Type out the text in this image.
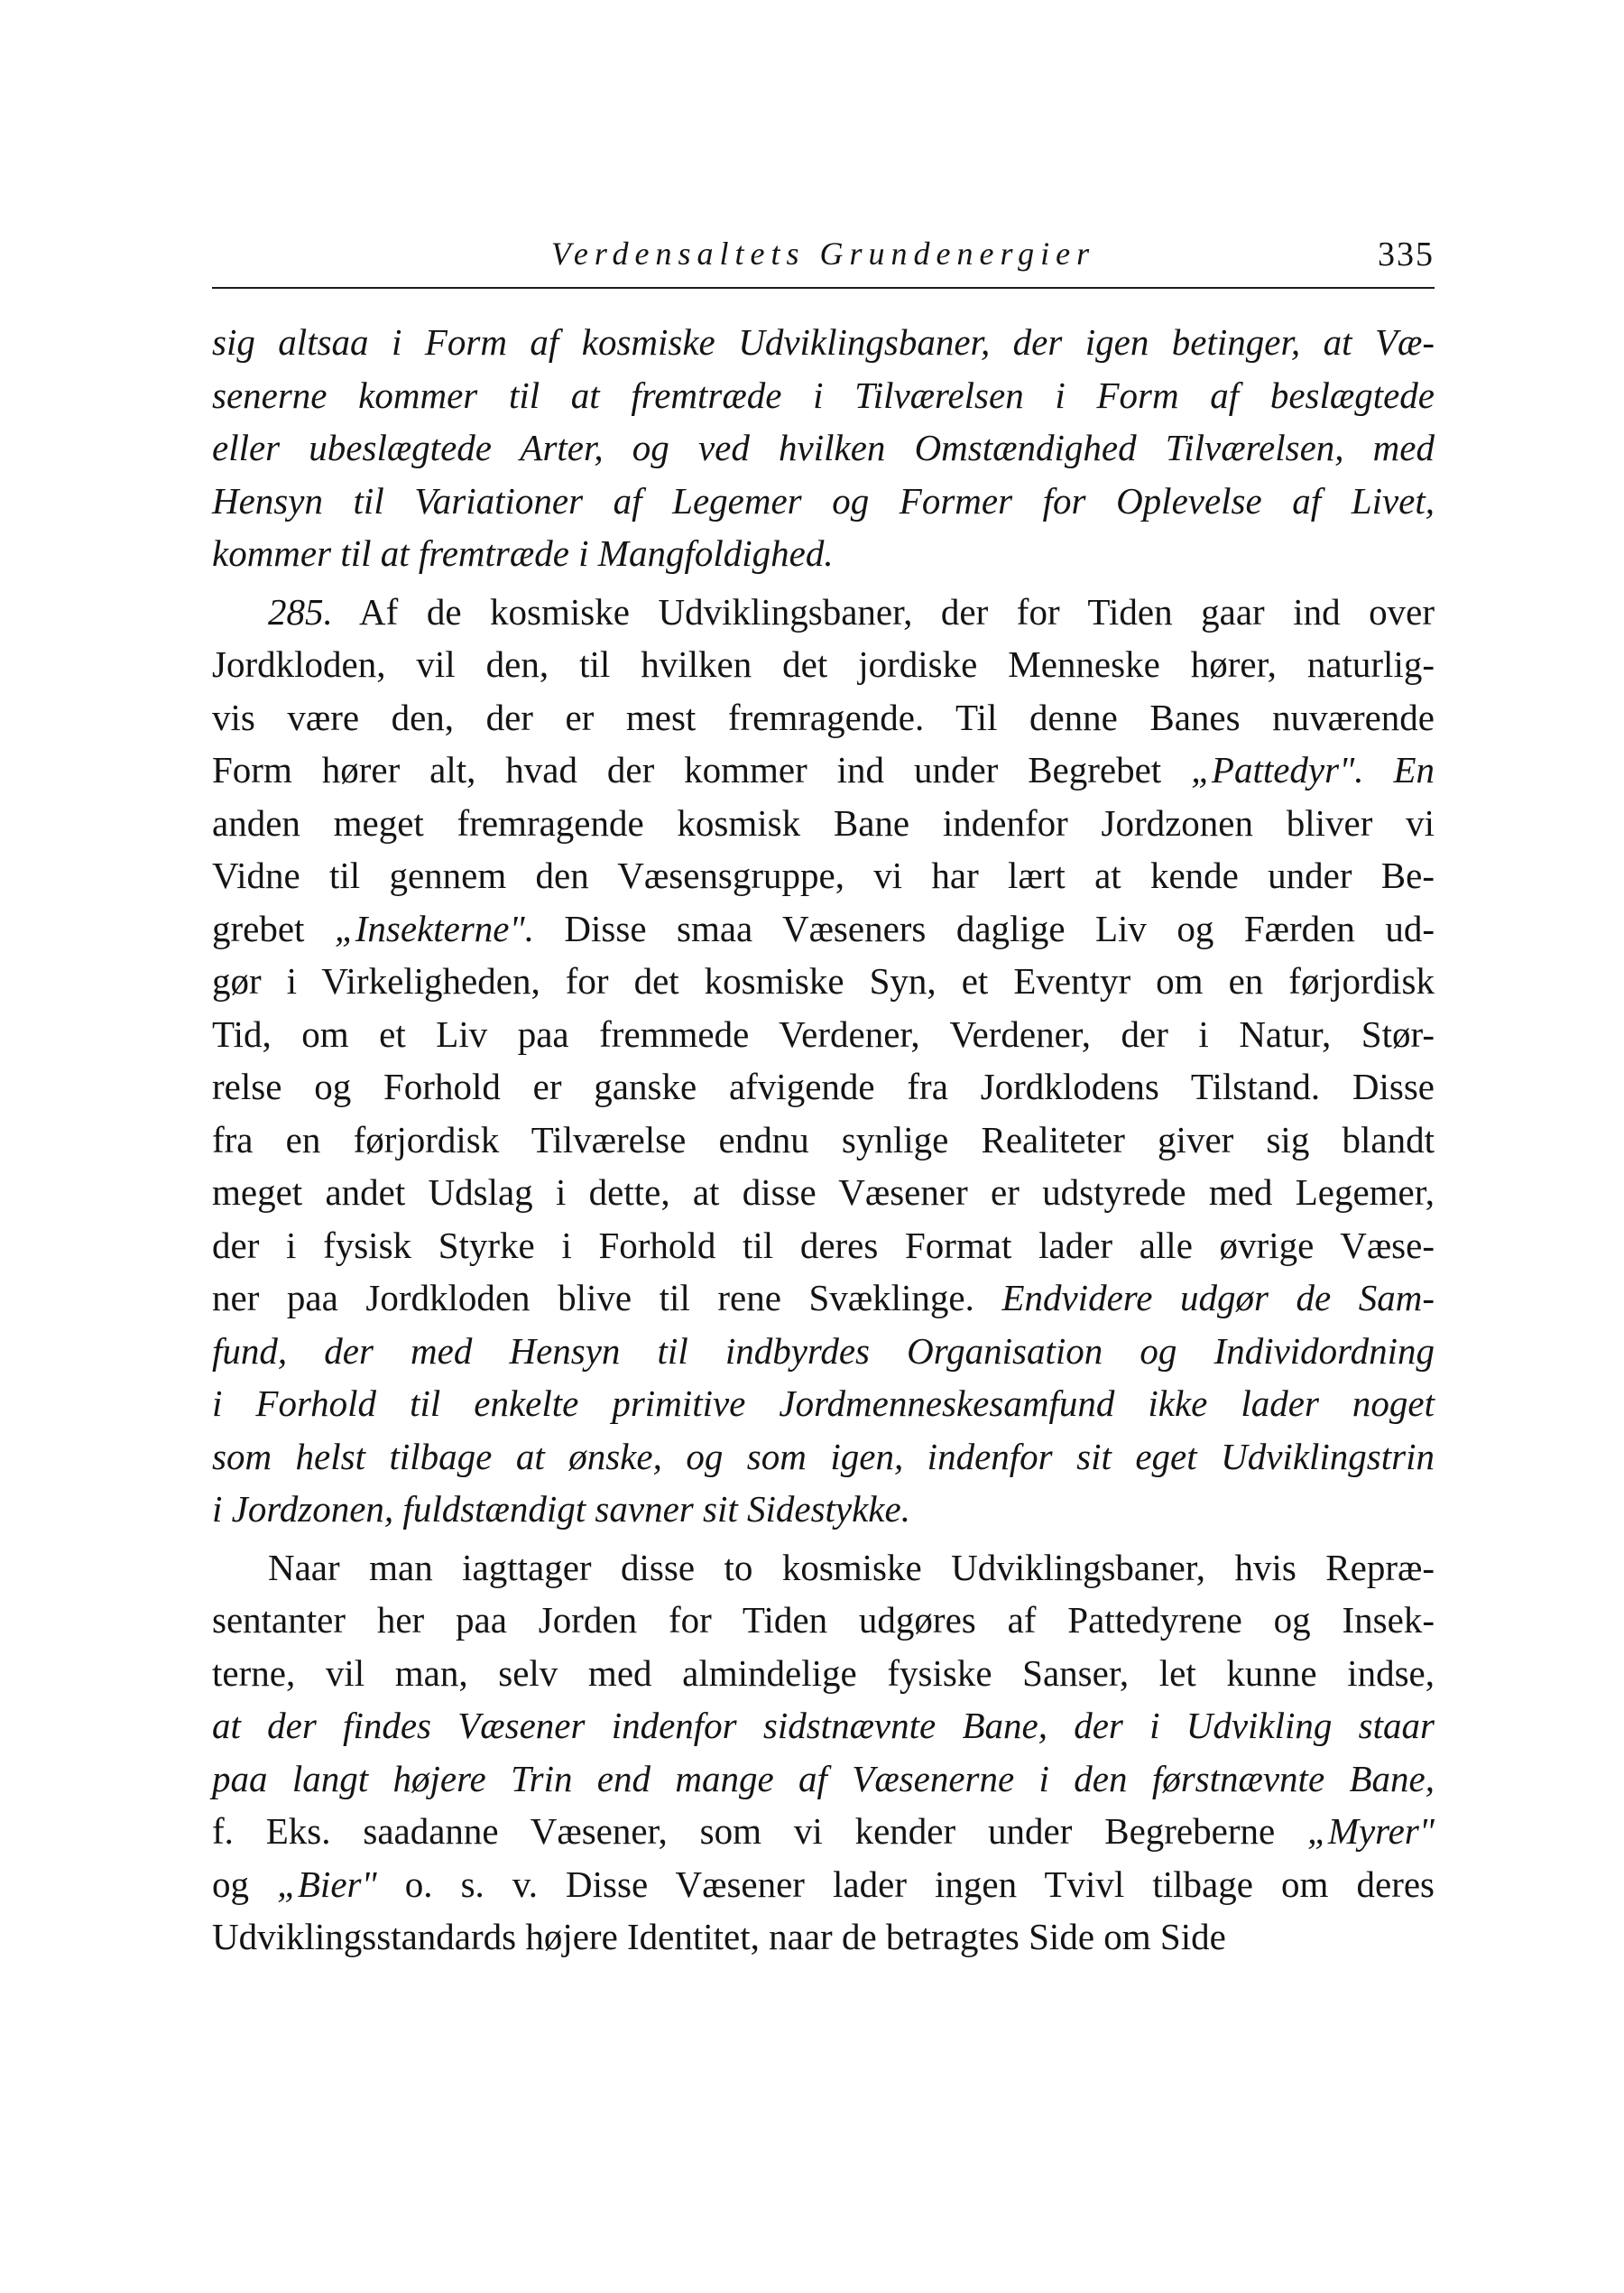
Verdensaltets Grundenergier	335
sig altsaa i Form af kosmiske Udviklingsbaner, der igen betinger, at Væ-
senerne kommer til at fremtræde i Tilværelsen i Form af beslægtede
eller ubeslægtede Arter, og ved hvilken Omstændighed Tilværelsen, med
Hensyn til Variationer af Legemer og Former for Oplevelse af Livet,
kommer til at fremtræde i Mangfoldighed.
285. Af de kosmiske Udviklingsbaner, der for Tiden gaar ind over
Jordkloden, vil den, til hvilken det jordiske Menneske hører, naturlig-
vis være den, der er mest fremragende. Til denne Banes nuværende
Form hører alt, hvad der kommer ind under Begrebet „Pattedyr". En
anden meget fremragende kosmisk Bane indenfor Jordzonen bliver vi
Vidne til gennem den Væsensgruppe, vi har lært at kende under Be-
grebet „Insekterne". Disse smaa Væseners daglige Liv og Færden ud-
gør i Virkeligheden, for det kosmiske Syn, et Eventyr om en førjordisk
Tid, om et Liv paa fremmede Verdener, Verdener, der i Natur, Stør-
relse og Forhold er ganske afvigende fra Jordklodens Tilstand. Disse
fra en førjordisk Tilværelse endnu synlige Realiteter giver sig blandt
meget andet Udslag i dette, at disse Væsener er udstyrede med Legemer,
der i fysisk Styrke i Forhold til deres Format lader alle øvrige Væse-
ner paa Jordkloden blive til rene Svæklinge. Endvidere udgør de Sam-
fund, der med Hensyn til indbyrdes Organisation og Individordning
i Forhold til enkelte primitive Jordmenneskesamfund ikke lader noget
som helst tilbage at ønske, og som igen, indenfor sit eget Udviklingstrin
i Jordzonen, fuldstændigt savner sit Sidestykke.
Naar man iagttager disse to kosmiske Udviklingsbaner, hvis Repræ-
sentanter her paa Jorden for Tiden udgøres af Pattedyrene og Insek-
terne, vil man, selv med almindelige fysiske Sanser, let kunne indse,
at der findes Væsener indenfor sidstnævnte Bane, der i Udvikling staar
paa langt højere Trin end mange af Væsenerne i den førstnævnte Bane,
f. Eks. saadanne Væsener, som vi kender under Begreberne „Myrer"
og „Bier" o. s. v. Disse Væsener lader ingen Tvivl tilbage om deres
Udviklingsstandards højere Identitet, naar de betragtes Side om Side
